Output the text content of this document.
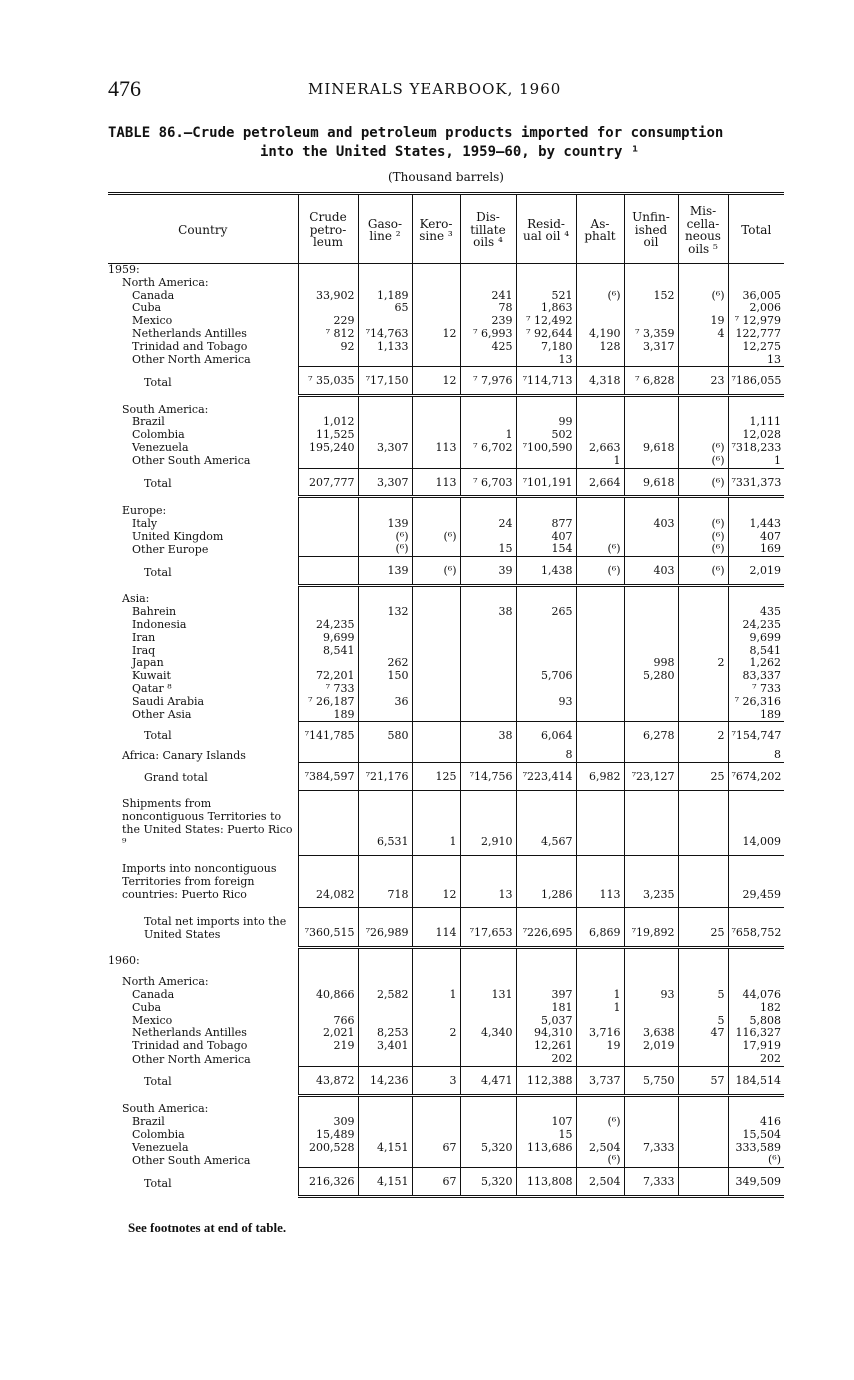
476	MINERALS YEARBOOK, 1960
TABLE 86.—Crude petroleum and petroleum products imported for consumption
into the United States, 1959–60, by country ¹
(Thousand barrels)
Country	Crude petro-leum	Gaso-line ²	Kero-sine ³	Dis-tillate oils ⁴	Resid-ual oil ⁴	As-phalt	Unfin-ished oil	Mis-cella-neous oils ⁵	Total
1959:									
North America:									
Canada	33,902	1,189		241	521	(⁶)	152	(⁶)	36,005
Cuba		65		78	1,863				2,006
Mexico	229			239	⁷ 12,492			19	⁷ 12,979
Netherlands Antilles	⁷ 812	⁷14,763	12	⁷ 6,993	⁷ 92,644	4,190	⁷ 3,359	4	122,777
Trinidad and Tobago	92	1,133		425	7,180	128	3,317		12,275
Other North America					13				13
Total	⁷ 35,035	⁷17,150	12	⁷ 7,976	⁷114,713	4,318	⁷ 6,828	23	⁷186,055
South America:									
Brazil	1,012				99				1,111
Colombia	11,525			1	502				12,028
Venezuela	195,240	3,307	113	⁷ 6,702	⁷100,590	2,663	9,618	(⁶)	⁷318,233
Other South America						1		(⁶)	1
Total	207,777	3,307	113	⁷ 6,703	⁷101,191	2,664	9,618	(⁶)	⁷331,373
Europe:									
Italy		139		24	877		403	(⁶)	1,443
United Kingdom		(⁶)	(⁶)		407			(⁶)	407
Other Europe		(⁶)		15	154	(⁶)		(⁶)	169
Total		139	(⁶)	39	1,438	(⁶)	403	(⁶)	2,019
Asia:									
Bahrein		132		38	265				435
Indonesia	24,235								24,235
Iran	9,699								9,699
Iraq	8,541								8,541
Japan		262					998	2	1,262
Kuwait	72,201	150			5,706		5,280		83,337
Qatar ⁸	⁷ 733								⁷ 733
Saudi Arabia	⁷ 26,187	36			93				⁷ 26,316
Other Asia	189								189
Total	⁷141,785	580		38	6,064		6,278	2	⁷154,747
Africa: Canary Islands					8				8
Grand total	⁷384,597	⁷21,176	125	⁷14,756	⁷223,414	6,982	⁷23,127	25	⁷674,202
Shipments from noncontiguous Territories to the United States: Puerto Rico ⁹		6,531	1	2,910	4,567				14,009
Imports into noncontiguous Territories from foreign countries: Puerto Rico	24,082	718	12	13	1,286	113	3,235		29,459
Total net imports into the United States	⁷360,515	⁷26,989	114	⁷17,653	⁷226,695	6,869	⁷19,892	25	⁷658,752
1960:									
North America:									
Canada	40,866	2,582	1	131	397	1	93	5	44,076
Cuba					181	1			182
Mexico	766				5,037			5	5,808
Netherlands Antilles	2,021	8,253	2	4,340	94,310	3,716	3,638	47	116,327
Trinidad and Tobago	219	3,401			12,261	19	2,019		17,919
Other North America					202				202
Total	43,872	14,236	3	4,471	112,388	3,737	5,750	57	184,514
South America:									
Brazil	309				107	(⁶)			416
Colombia	15,489				15				15,504
Venezuela	200,528	4,151	67	5,320	113,686	2,504	7,333		333,589
Other South America						(⁶)			(⁶)
Total	216,326	4,151	67	5,320	113,808	2,504	7,333		349,509
See footnotes at end of table.
